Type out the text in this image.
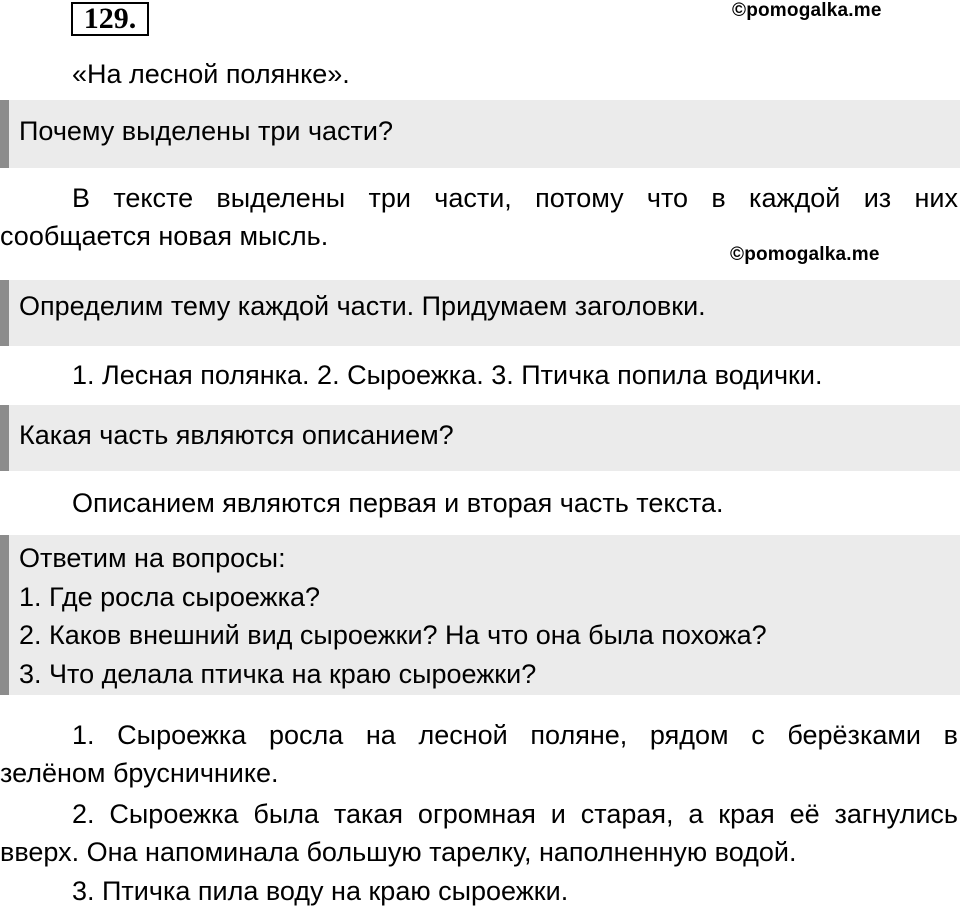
129.	©pomogalka.me
«На лесной полянке».
Почему выделены три части?
В тексте выделены три части, потому что в каждой из них
сообщается новая мысль.
©pomogalka.me
Определим тему каждой части. Придумаем заголовки.
1. Лесная полянка. 2. Сыроежка. 3. Птичка попила водички.
Какая часть являются описанием?
Описанием являются первая и вторая часть текста.
Ответим на вопросы:
1. Где росла сыроежка?
2. Каков внешний вид сыроежки? На что она была похожа?
3. Что делала птичка на краю сыроежки?
1. Сыроежка росла на лесной поляне, рядом с берёзками в
зелёном брусничнике.
2. Сыроежка была такая огромная и старая, а края её загнулись
вверх. Она напоминала большую тарелку, наполненную водой.
3. Птичка пила воду на краю сыроежки.
